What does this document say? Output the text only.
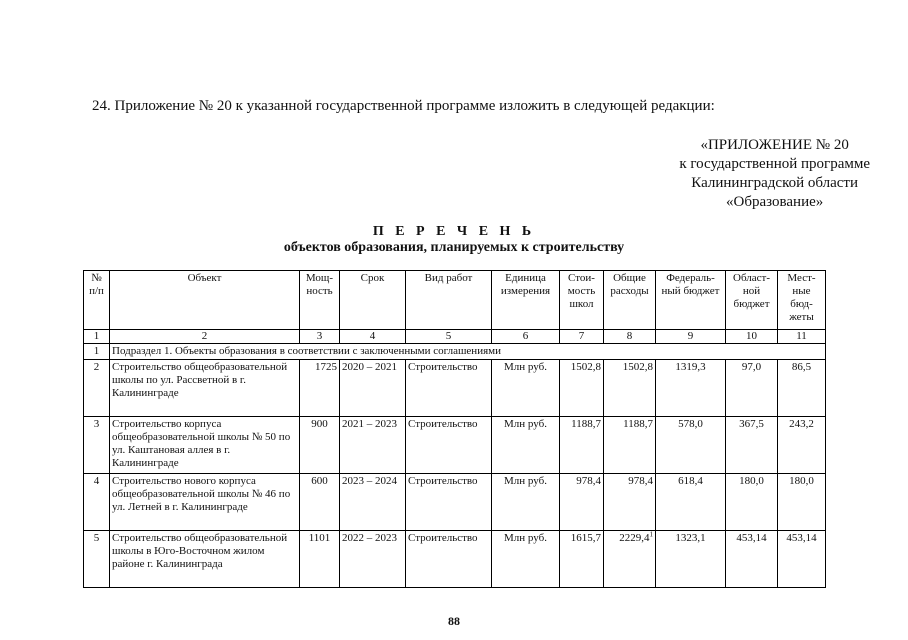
24. Приложение № 20 к указанной государственной программе изложить в следующей редакции:
«ПРИЛОЖЕНИЕ № 20
к государственной программе
Калининградской области
«Образование»
П Е Р Е Ч Е Н Ь
объектов образования, планируемых к строительству
№ п/п	Объект	Мощ-ность	Срок	Вид работ	Единица измерения	Стои-мость школ	Общие расходы	Федераль-ный бюджет	Област-ной бюджет	Мест-ные бюд-жеты
1	2	3	4	5	6	7	8	9	10	11
1	Подраздел 1. Объекты образования в соответствии с заключенными соглашениями									
2	Строительство общеобразовательной школы по ул. Рассветной в г. Калининграде	1725	2020 – 2021	Строительство	Млн руб.	1502,8	1502,8	1319,3	97,0	86,5
3	Строительство корпуса общеобразовательной школы № 50 по ул. Каштановая аллея в г. Калининграде	900	2021 – 2023	Строительство	Млн руб.	1188,7	1188,7	578,0	367,5	243,2
4	Строительство нового корпуса общеобразовательной школы № 46 по ул. Летней в г. Калининграде	600	2023 – 2024	Строительство	Млн руб.	978,4	978,4	618,4	180,0	180,0
5	Строительство общеобразовательной школы в Юго-Восточном жилом районе г. Калининграда	1101	2022 – 2023	Строительство	Млн руб.	1615,7	2229,4$^1$	1323,1	453,14	453,14
88
